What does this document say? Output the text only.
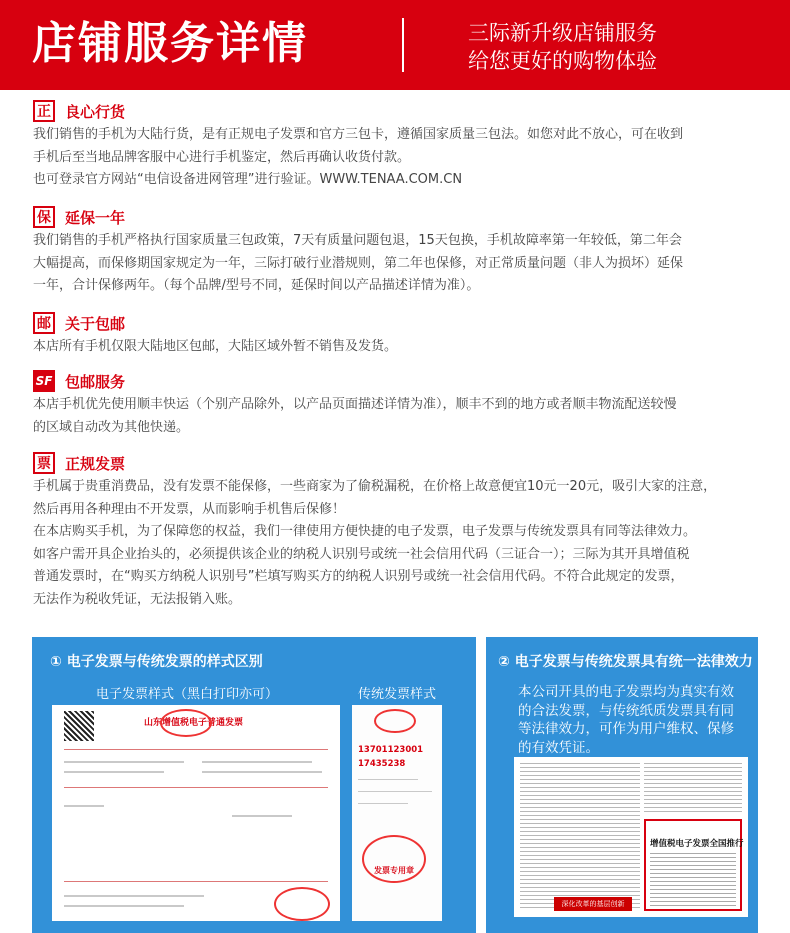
店铺服务详情	三际新升级店铺服务
给您更好的购物体验
正 良心行货

我们销售的手机为大陆行货，是有正规电子发票和官方三包卡，遵循国家质量三包法。如您对此不放心，可在收到

手机后至当地品牌客服中心进行手机鉴定，然后再确认收货付款。

也可登录官方网站“电信设备进网管理”进行验证。WWW.TENAA.COM.CN

保 延保一年

我们销售的手机严格执行国家质量三包政策，7天有质量问题包退，15天包换，手机故障率第一年较低，第二年会

大幅提高，而保修期国家规定为一年，三际打破行业潜规则，第二年也保修，对正常质量问题（非人为损坏）延保

一年，合计保修两年。（每个品牌/型号不同，延保时间以产品描述详情为准）。

邮 关于包邮

本店所有手机仅限大陆地区包邮，大陆区域外暂不销售及发货。

SF 包邮服务

本店手机优先使用顺丰快运（个别产品除外，以产品页面描述详情为准），顺丰不到的地方或者顺丰物流配送较慢

的区域自动改为其他快递。

票 正规发票

手机属于贵重消费品，没有发票不能保修，一些商家为了偷税漏税，在价格上故意便宜10元一20元，吸引大家的注意，

然后再用各种理由不开发票，从而影响手机售后保修！

在本店购买手机，为了保障您的权益，我们一律使用方便快捷的电子发票，电子发票与传统发票具有同等法律效力。

如客户需开具企业抬头的，必须提供该企业的纳税人识别号或统一社会信用代码（三证合一）；三际为其开具增值税

普通发票时，在“购买方纳税人识别号”栏填写购买方的纳税人识别号或统一社会信用代码。不符合此规定的发票，

无法作为税收凭证，无法报销入账。

① 电子发票与传统发票的样式区别
电子发票样式（黑白打印亦可）	传统发票样式
山东增值税电子普通发票
13701123001
17435238
发票专用章
② 电子发票与传统发票具有统一法律效力
本公司开具的电子发票均为真实有效的合法发票，与传统纸质发票具有同等法律效力，可作为用户维权、保修的有效凭证。
增值税电子发票全国推行
深化改革的基层创新
